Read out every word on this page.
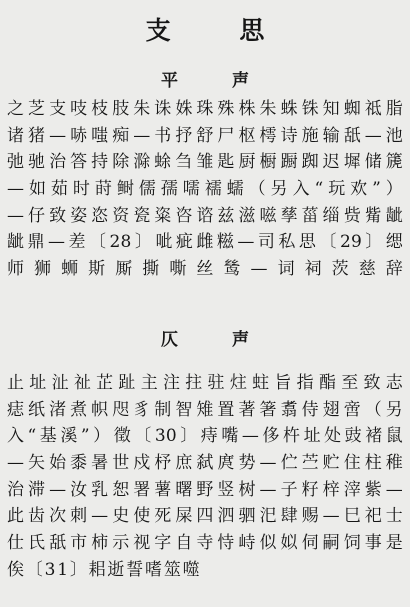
支 思
平 声
之芝支吱枝肢朱诛姝珠殊株朱蛛铢知蜘祗脂
诸猪—哧嗤痴—书抒舒尸枢樗诗施输舐—池
弛驰治答持除滁蜍刍雏匙厨橱蹰踟迟墀储篪
—如茹时莳鲥儒孺嚅襦蠕（另入“玩欢”）
—仔致姿恣资瓷粢咨谘兹滋嗞孳菑缁赀觜龇
龇鼎—差〔28〕呲疵雌糍—司私思〔29〕缌
师狮蛳斯厮撕嘶丝鸶—词祠茨慈辞
仄 声
止址沚祉芷趾主注拄驻炷蛀旨指酯至致志
痣纸渚煮帜咫豸制智雉置著箸翥侍翅啻（另
入“基溪”）徵〔30〕痔嘴—侈杵址处豉褚鼠
—矢始黍暑世戍杼庶弑庹势—伫苎贮住柱稚
治滞—汝乳恕署薯曙野竖树—子籽梓滓紫—
此齿次刺—史使死屎四泗驷汜肆赐—巳祀士
仕氏舐市柿示视字自寺恃峙似姒伺嗣饲事是
俟〔31〕耜逝誓嗜筮噬
